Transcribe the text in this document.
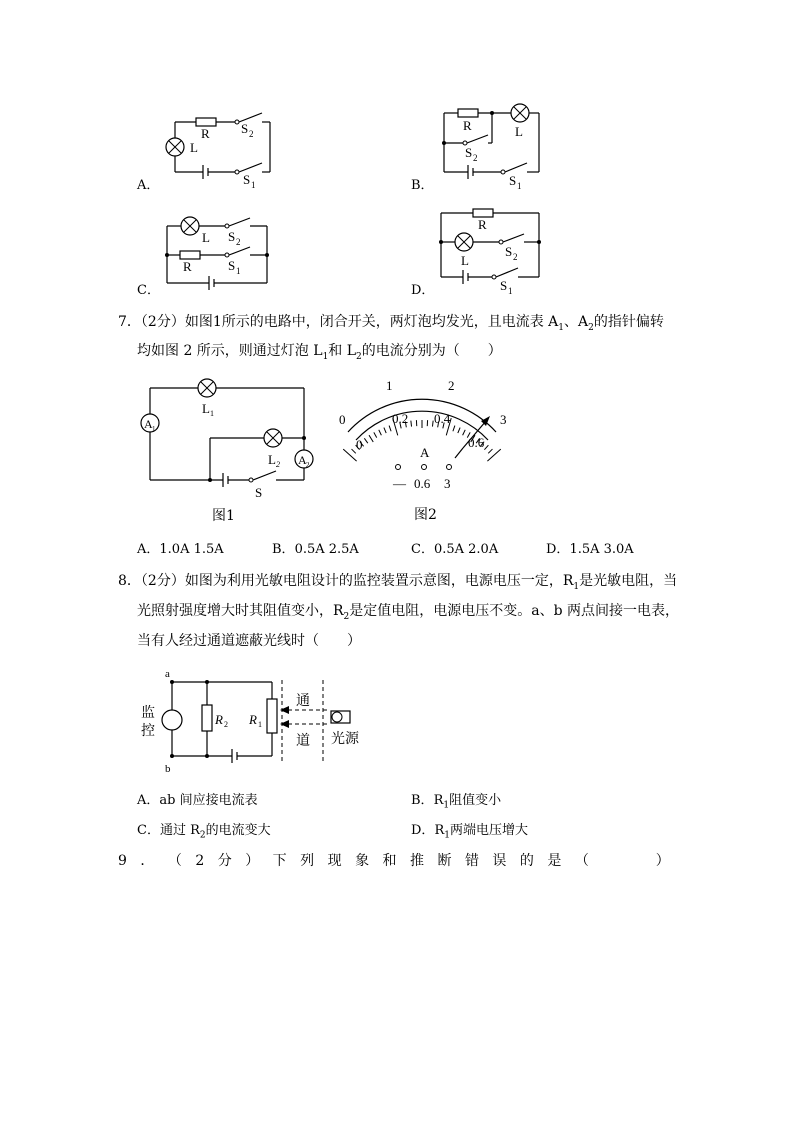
R
L
S 2
S 1
R	L
S 2
S 1
L S 2
R	S 1
R
L
S 2
S 1
A．	B．
C．	D．
7．（2分）如图1所示的电路中，闭合开关，两灯泡均发光，且电流表 $A_1$、$A_2$的指针偏转
均如图 2 所示，则通过灯泡 $L_1$和 $L_2$的电流分别为（　　）
A 1
A 2
L 1
L 2
S
0
1	2
3
0
0.2 0.4
0.6
A
— 0.6 3
图1	图2
A．1.0A 1.5A	B．0.5A 2.5A	C．0.5A 2.0A	D．1.5A 3.0A
8．（2分）如图为利用光敏电阻设计的监控装置示意图，电源电压一定，$R_1$是光敏电阻，当
光照射强度增大时其阻值变小，$R_2$是定值电阻，电源电压不变。a、b 两点间接一电表，
当有人经过通道遮蔽光线时（　　）
a
b
监
控
R 2 R 1
通
道 光源
A．ab 间应接电流表	B．$R_1$阻值变小
C．通过 $R_2$的电流变大	D．$R_1$两端电压增大
9 ． （ 2 分 ） 下 列 现 象 和 推 断 错 误 的 是 （	）
